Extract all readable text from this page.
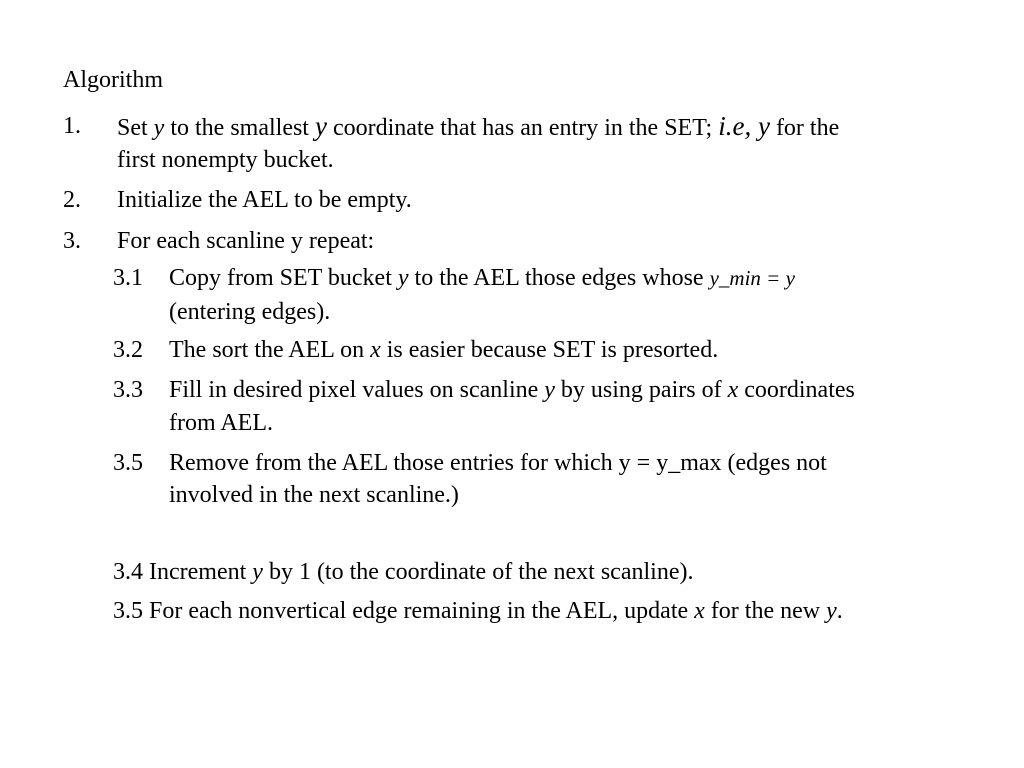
Algorithm

1. Set y to the smallest y coordinate that has an entry in the SET; i.e, y for the

first nonempty bucket.

2. Initialize the AEL to be empty.

3. For each scanline y repeat:

3.1 Copy from SET bucket y to the AEL those edges whose y_min = y

(entering edges).

3.2 The sort the AEL on x is easier because SET is presorted.

3.3 Fill in desired pixel values on scanline y by using pairs of x coordinates

from AEL.

3.5 Remove from the AEL those entries for which y = y_max (edges not

involved in the next scanline.)

3.4 Increment y by 1 (to the coordinate of the next scanline).

3.5 For each nonvertical edge remaining in the AEL, update x for the new y.
